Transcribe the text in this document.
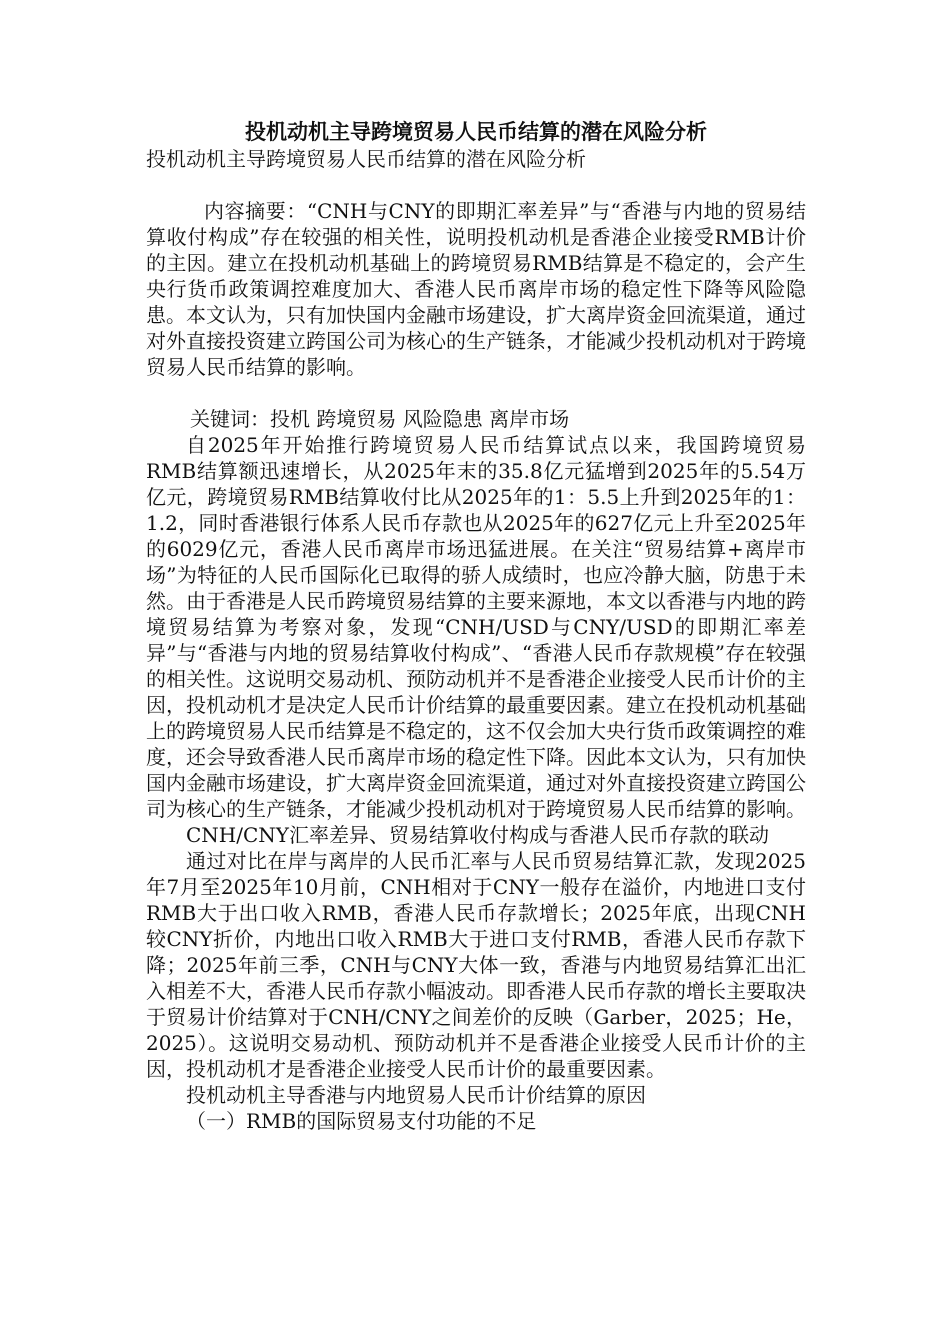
投机动机主导跨境贸易人民币结算的潜在风险分析

投机动机主导跨境贸易人民币结算的潜在风险分析

内容摘要：“CNH与CNY的即期汇率差异”与“香港与内地的贸易结算收付构成”存在较强的相关性，说明投机动机是香港企业接受RMB计价的主因。建立在投机动机基础上的跨境贸易RMB结算是不稳定的，会产生央行货币政策调控难度加大、香港人民币离岸市场的稳定性下降等风险隐患。本文认为，只有加快国内金融市场建设，扩大离岸资金回流渠道，通过对外直接投资建立跨国公司为核心的生产链条，才能减少投机动机对于跨境贸易人民币结算的影响。

关键词：投机 跨境贸易 风险隐患 离岸市场

自2025年开始推行跨境贸易人民币结算试点以来，我国跨境贸易RMB结算额迅速增长，从2025年末的35.8亿元猛增到2025年的5.54万亿元，跨境贸易RMB结算收付比从2025年的1：5.5上升到2025年的1：1.2，同时香港银行体系人民币存款也从2025年的627亿元上升至2025年的6029亿元，香港人民币离岸市场迅猛进展。在关注“贸易结算+离岸市场”为特征的人民币国际化已取得的骄人成绩时，也应冷静大脑，防患于未然。由于香港是人民币跨境贸易结算的主要来源地，本文以香港与内地的跨境贸易结算为考察对象，发现“CNH/USD与CNY/USD的即期汇率差异”与“香港与内地的贸易结算收付构成”、“香港人民币存款规模”存在较强的相关性。这说明交易动机、预防动机并不是香港企业接受人民币计价的主因，投机动机才是决定人民币计价结算的最重要因素。建立在投机动机基础上的跨境贸易人民币结算是不稳定的，这不仅会加大央行货币政策调控的难度，还会导致香港人民币离岸市场的稳定性下降。因此本文认为，只有加快国内金融市场建设，扩大离岸资金回流渠道，通过对外直接投资建立跨国公司为核心的生产链条，才能减少投机动机对于跨境贸易人民币结算的影响。

CNH/CNY汇率差异、贸易结算收付构成与香港人民币存款的联动

通过对比在岸与离岸的人民币汇率与人民币贸易结算汇款，发现2025年7月至2025年10月前，CNH相对于CNY一般存在溢价，内地进口支付RMB大于出口收入RMB，香港人民币存款增长；2025年底，出现CNH较CNY折价，内地出口收入RMB大于进口支付RMB，香港人民币存款下降；2025年前三季，CNH与CNY大体一致，香港与内地贸易结算汇出汇入相差不大，香港人民币存款小幅波动。即香港人民币存款的增长主要取决于贸易计价结算对于CNH/CNY之间差价的反映（Garber，2025；He，2025）。这说明交易动机、预防动机并不是香港企业接受人民币计价的主因，投机动机才是香港企业接受人民币计价的最重要因素。

投机动机主导香港与内地贸易人民币计价结算的原因

（一）RMB的国际贸易支付功能的不足
